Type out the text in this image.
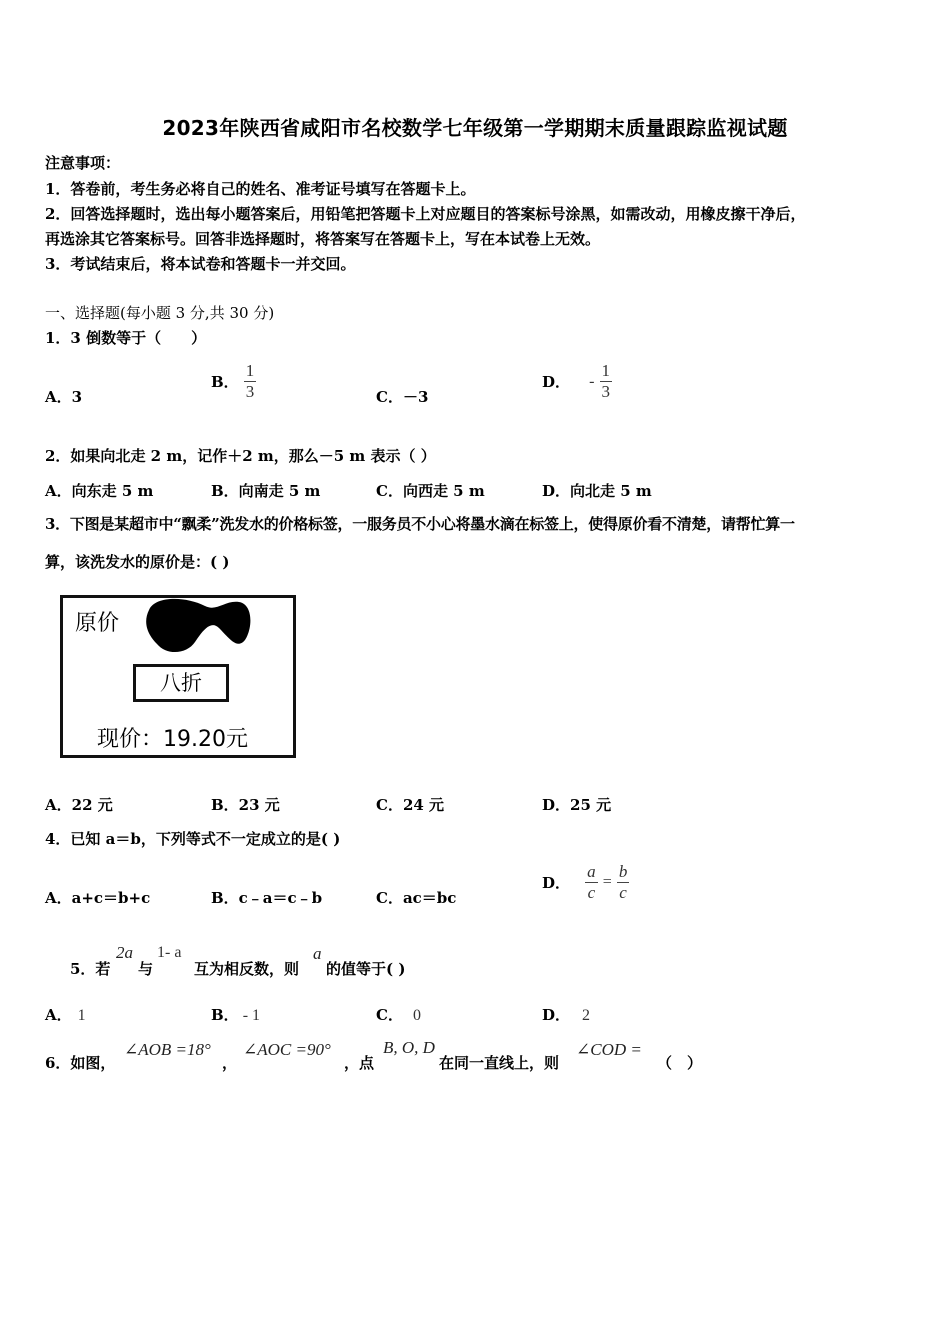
2023年陕西省咸阳市名校数学七年级第一学期期末质量跟踪监视试题
注意事项：
1．答卷前，考生务必将自己的姓名、准考证号填写在答题卡上。
2．回答选择题时，选出每小题答案后，用铅笔把答题卡上对应题目的答案标号涂黑，如需改动，用橡皮擦干净后，
再选涂其它答案标号。回答非选择题时，将答案写在答题卡上，写在本试卷上无效。
3．考试结束后，将本试卷和答题卡一并交回。
一、选择题(每小题 3 分,共 30 分)
1．3 倒数等于（　　）
A．3
B． $\frac{1}{3}$	C．－3
D． - $\frac{1}{3}$
2．如果向北走 2 m，记作＋2 m，那么－5 m 表示（ ）
A．向东走 5 m	B．向南走 5 m	C．向西走 5 m	D．向北走 5 m
3．下图是某超市中“飘柔”洗发水的价格标签，一服务员不小心将墨水滴在标签上，使得原价看不清楚，请帮忙算一
算，该洗发水的原价是：( )
原价
八折
现价：19.20元
A．22 元	B．23 元	C．24 元	D．25 元
4．已知 a＝b，下列等式不一定成立的是( )
A．a+c＝b+c	B．c﹣a＝c﹣b	C．ac＝bc
D． $\frac{a}{c} = \frac{b}{c}$
5．若
2a
与
1- a
互为相反数，则
a
的值等于( )
A． 1	B． - 1	C． 0	D． 2
6．如图，
∠AOB =18°
，
∠AOC =90°
，点
B, O, D
在同一直线上，则
∠COD =
（　）
